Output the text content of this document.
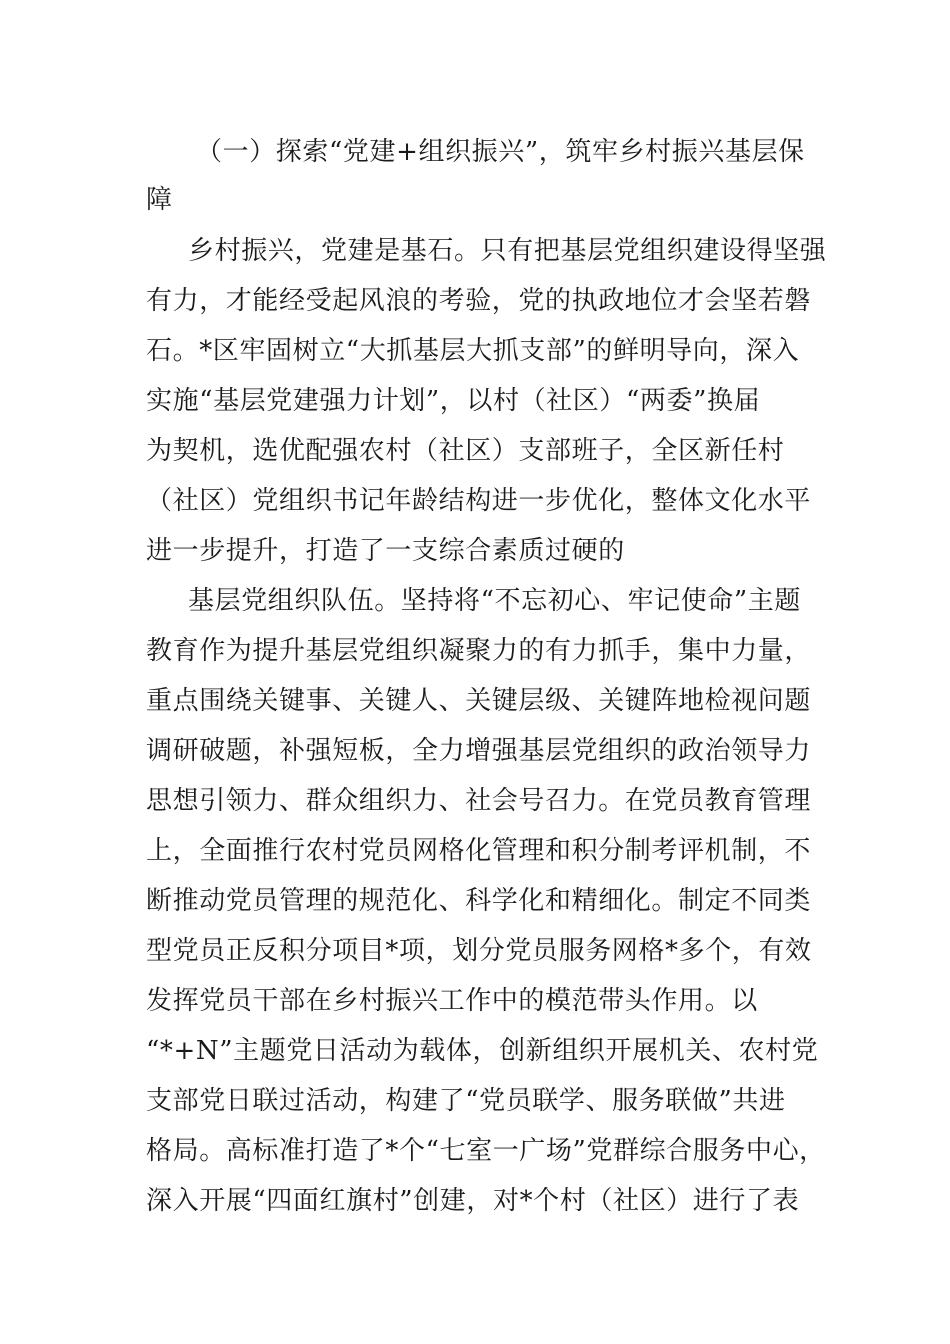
（一）探索“党建+组织振兴”，筑牢乡村振兴基层保
障
乡村振兴，党建是基石。只有把基层党组织建设得坚强
有力，才能经受起风浪的考验，党的执政地位才会坚若磐
石。*区牢固树立“大抓基层大抓支部”的鲜明导向，深入
实施“基层党建强力计划”，以村（社区）“两委”换届
为契机，选优配强农村（社区）支部班子，全区新任村
（社区）党组织书记年龄结构进一步优化，整体文化水平
进一步提升，打造了一支综合素质过硬的
基层党组织队伍。坚持将“不忘初心、牢记使命”主题
教育作为提升基层党组织凝聚力的有力抓手，集中力量，
重点围绕关键事、关键人、关键层级、关键阵地检视问题
调研破题，补强短板，全力增强基层党组织的政治领导力
思想引领力、群众组织力、社会号召力。在党员教育管理
上，全面推行农村党员网格化管理和积分制考评机制，不
断推动党员管理的规范化、科学化和精细化。制定不同类
型党员正反积分项目*项，划分党员服务网格*多个，有效
发挥党员干部在乡村振兴工作中的模范带头作用。以
“*+N”主题党日活动为载体，创新组织开展机关、农村党
支部党日联过活动，构建了“党员联学、服务联做”共进
格局。高标准打造了*个“七室一广场”党群综合服务中心，
深入开展“四面红旗村”创建，对*个村（社区）进行了表
